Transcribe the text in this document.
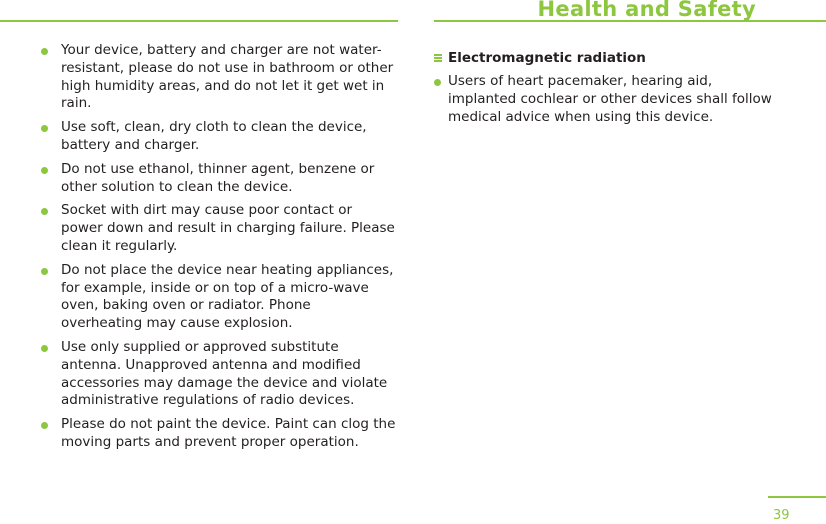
Health and Safety
Your device, battery and charger are not water-resistant, please do not use in bathroom or other high humidity areas, and do not let it get wet in rain.
Use soft, clean, dry cloth to clean the device, battery and charger.
Do not use ethanol, thinner agent, benzene or other solution to clean the device.
Socket with dirt may cause poor contact or power down and result in charging failure. Please clean it regularly.
Do not place the device near heating appliances, for example, inside or on top of a micro-wave oven, baking oven or radiator. Phone overheating may cause explosion.
Use only supplied or approved substitute antenna. Unapproved antenna and modified accessories may damage the device and violate administrative regulations of radio devices.
Please do not paint the device. Paint can clog the moving parts and prevent proper operation.
Electromagnetic radiation
Users of heart pacemaker, hearing aid, implanted cochlear or other devices shall follow medical advice when using this device.
39
